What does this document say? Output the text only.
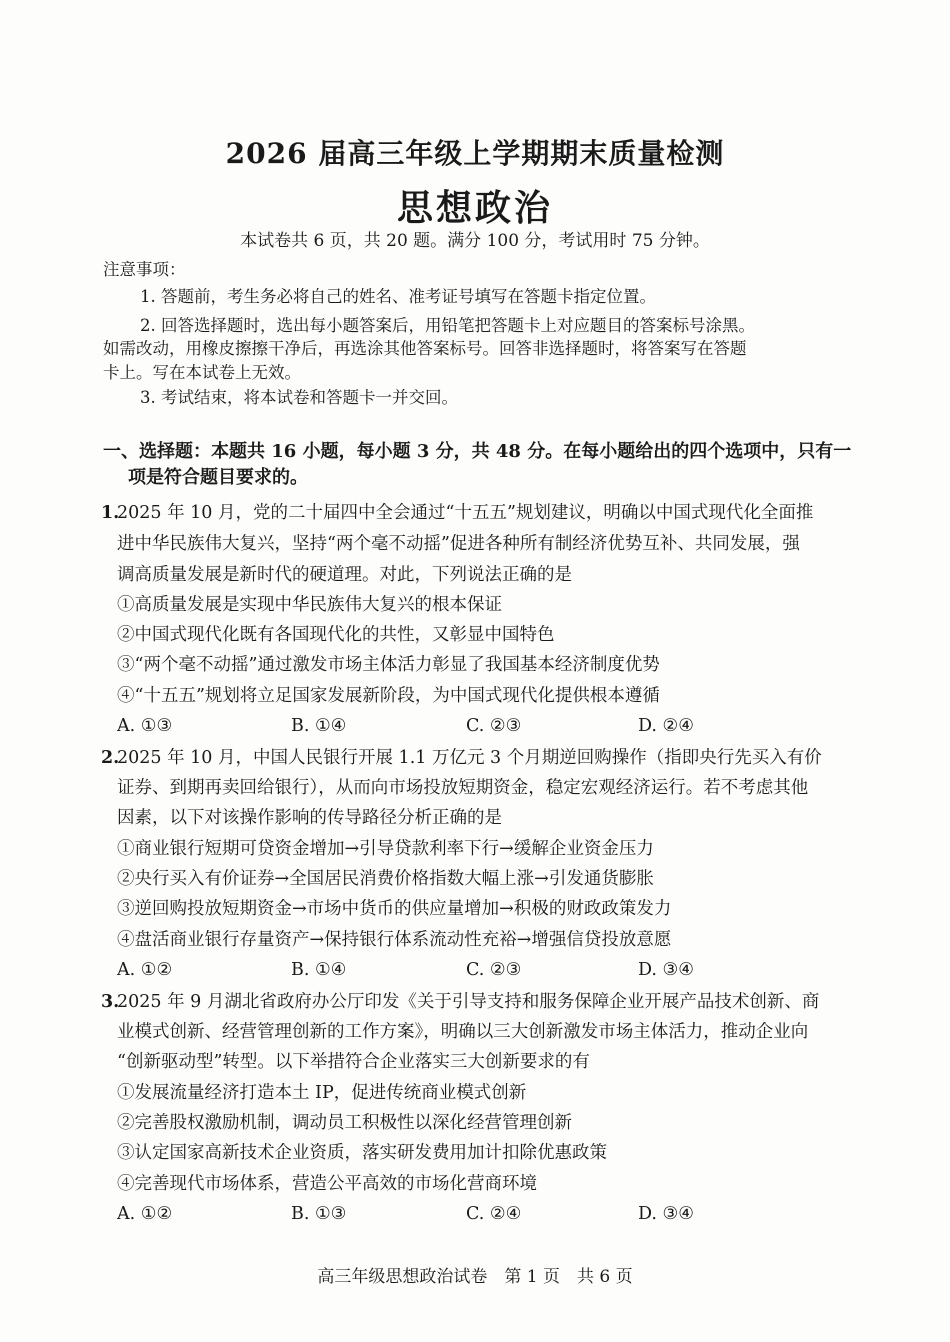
2026 届高三年级上学期期末质量检测
思想政治
本试卷共 6 页，共 20 题。满分 100 分，考试用时 75 分钟。
注意事项：
1. 答题前，考生务必将自己的姓名、准考证号填写在答题卡指定位置。
2. 回答选择题时，选出每小题答案后，用铅笔把答题卡上对应题目的答案标号涂黑。
如需改动，用橡皮擦擦干净后，再选涂其他答案标号。回答非选择题时，将答案写在答题
卡上。写在本试卷上无效。
3. 考试结束，将本试卷和答题卡一并交回。
一、选择题：本题共 16 小题，每小题 3 分，共 48 分。在每小题给出的四个选项中，只有一
项是符合题目要求的。
1.
2025 年 10 月，党的二十届四中全会通过“十五五”规划建议，明确以中国式现代化全面推
进中华民族伟大复兴，坚持“两个毫不动摇”促进各种所有制经济优势互补、共同发展，强
调高质量发展是新时代的硬道理。对此，下列说法正确的是
①高质量发展是实现中华民族伟大复兴的根本保证
②中国式现代化既有各国现代化的共性，又彰显中国特色
③“两个毫不动摇”通过激发市场主体活力彰显了我国基本经济制度优势
④“十五五”规划将立足国家发展新阶段，为中国式现代化提供根本遵循
A. ①③	B. ①④	C. ②③	D. ②④
2.
2025 年 10 月，中国人民银行开展 1.1 万亿元 3 个月期逆回购操作（指即央行先买入有价
证券、到期再卖回给银行），从而向市场投放短期资金，稳定宏观经济运行。若不考虑其他
因素，以下对该操作影响的传导路径分析正确的是
①商业银行短期可贷资金增加→引导贷款利率下行→缓解企业资金压力
②央行买入有价证券→全国居民消费价格指数大幅上涨→引发通货膨胀
③逆回购投放短期资金→市场中货币的供应量增加→积极的财政政策发力
④盘活商业银行存量资产→保持银行体系流动性充裕→增强信贷投放意愿
A. ①②	B. ①④	C. ②③	D. ③④
3.
2025 年 9 月湖北省政府办公厅印发《关于引导支持和服务保障企业开展产品技术创新、商
业模式创新、经营管理创新的工作方案》，明确以三大创新激发市场主体活力，推动企业向
“创新驱动型”转型。以下举措符合企业落实三大创新要求的有
①发展流量经济打造本土 IP，促进传统商业模式创新
②完善股权激励机制，调动员工积极性以深化经营管理创新
③认定国家高新技术企业资质，落实研发费用加计扣除优惠政策
④完善现代市场体系，营造公平高效的市场化营商环境
A. ①②	B. ①③	C. ②④	D. ③④
高三年级思想政治试卷　第 1 页　共 6 页
